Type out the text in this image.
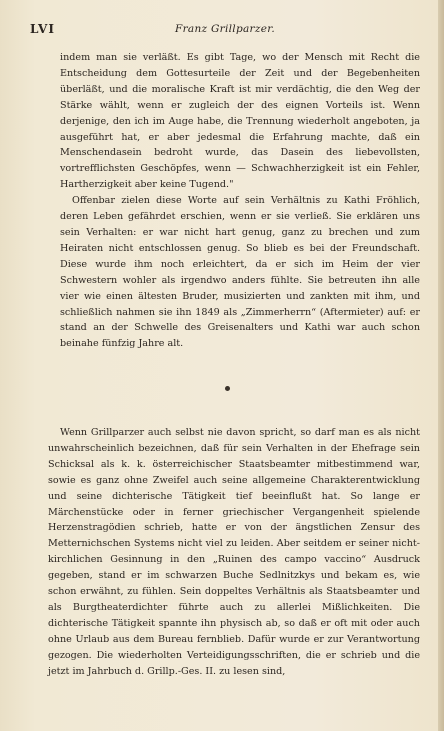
LVI	Franz Grillparzer.

indem man sie verläßt. Es gibt Tage, wo der Mensch mit Recht die Entscheidung dem Gottesurteile der Zeit und der Begebenheiten überläßt, und die moralische Kraft ist mir verdächtig, die den Weg der Stärke wählt, wenn er zugleich der des eignen Vorteils ist. Wenn derjenige, den ich im Auge habe, die Trennung wiederholt angeboten, ja ausgeführt hat, er aber jedesmal die Erfahrung machte, daß ein Menschendasein bedroht wurde, das Dasein des liebevollsten, vortrefflichsten Geschöpfes, wenn — Schwachherzigkeit ist ein Fehler, Hartherzigkeit aber keine Tugend."

Offenbar zielen diese Worte auf sein Verhältnis zu Kathi Fröhlich, deren Leben gefährdet erschien, wenn er sie verließ. Sie erklären uns sein Verhalten: er war nicht hart genug, ganz zu brechen und zum Heiraten nicht entschlossen genug. So blieb es bei der Freundschaft. Diese wurde ihm noch erleichtert, da er sich im Heim der vier Schwestern wohler als irgendwo anders fühlte. Sie betreuten ihn alle vier wie einen ältesten Bruder, musizierten und zankten mit ihm, und schließlich nahmen sie ihn 1849 als „Zimmerherrn“ (Aftermieter) auf: er stand an der Schwelle des Greisenalters und Kathi war auch schon beinahe fünfzig Jahre alt.

Wenn Grillparzer auch selbst nie davon spricht, so darf man es als nicht unwahrscheinlich bezeichnen, daß für sein Verhalten in der Ehefrage sein Schicksal als k. k. österreichischer Staatsbeamter mitbestimmend war, sowie es ganz ohne Zweifel auch seine allgemeine Charakterentwicklung und seine dichterische Tätigkeit tief beeinflußt hat. So lange er Märchenstücke oder in ferner griechischer Vergangenheit spielende Herzenstragödien schrieb, hatte er von der ängstlichen Zensur des Metternichschen Systems nicht viel zu leiden. Aber seitdem er seiner nicht-kirchlichen Gesinnung in den „Ruinen des campo vaccino“ Ausdruck gegeben, stand er im schwarzen Buche Sedlnitzkys und bekam es, wie schon erwähnt, zu fühlen. Sein doppeltes Verhältnis als Staatsbeamter und als Burgtheaterdichter führte auch zu allerlei Mißlichkeiten. Die dichterische Tätigkeit spannte ihn physisch ab, so daß er oft mit oder auch ohne Urlaub aus dem Bureau fernblieb. Dafür wurde er zur Verantwortung gezogen. Die wiederholten Verteidigungsschriften, die er schrieb und die jetzt im Jahrbuch d. Grillp.-Ges. II. zu lesen sind,
